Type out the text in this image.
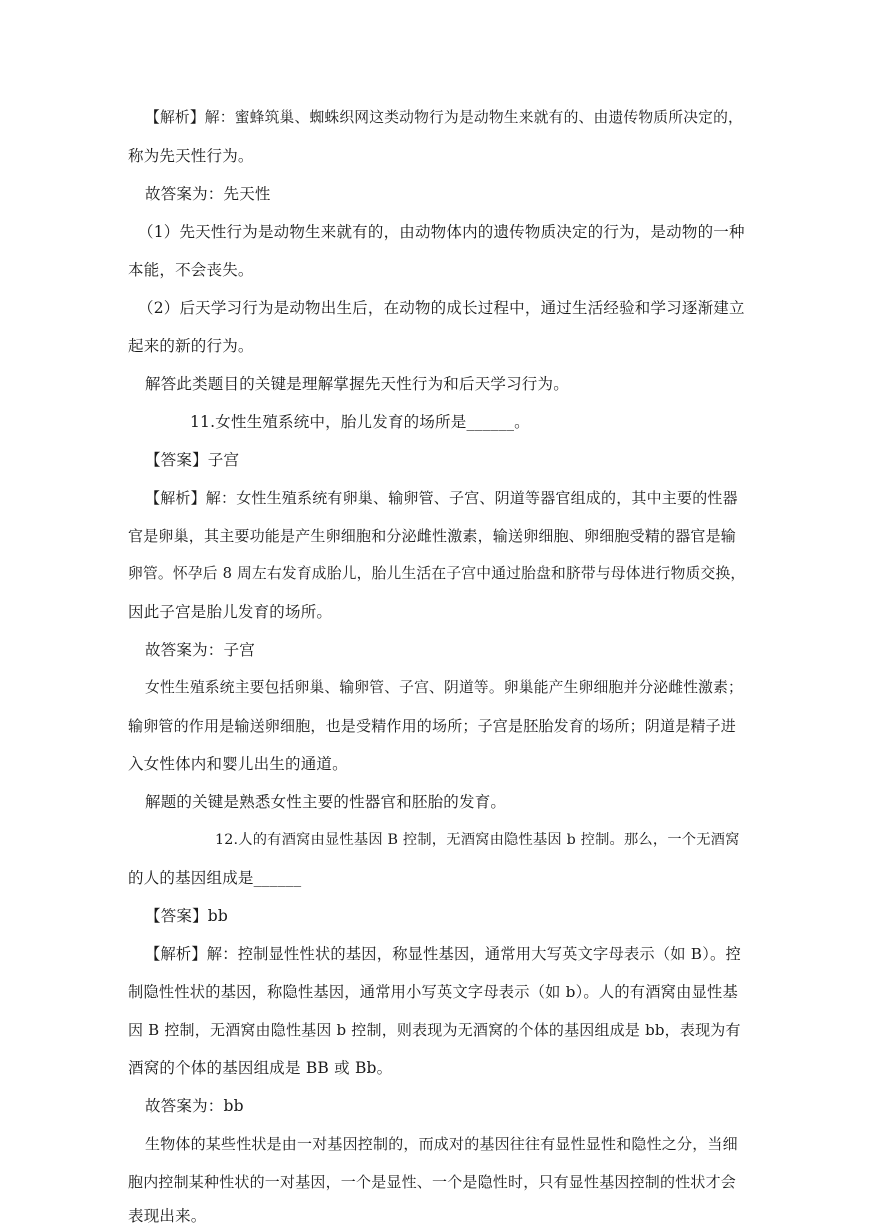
【解析】解：蜜蜂筑巢、蜘蛛织网这类动物行为是动物生来就有的、由遗传物质所决定的，
称为先天性行为。
故答案为：先天性
（1）先天性行为是动物生来就有的，由动物体内的遗传物质决定的行为，是动物的一种
本能，不会丧失。
（2）后天学习行为是动物出生后，在动物的成长过程中，通过生活经验和学习逐渐建立
起来的新的行为。
解答此类题目的关键是理解掌握先天性行为和后天学习行为。
11.女性生殖系统中，胎儿发育的场所是______。
【答案】子宫
【解析】解：女性生殖系统有卵巢、输卵管、子宫、阴道等器官组成的，其中主要的性器
官是卵巢，其主要功能是产生卵细胞和分泌雌性激素，输送卵细胞、卵细胞受精的器官是输
卵管。怀孕后 8 周左右发育成胎儿，胎儿生活在子宫中通过胎盘和脐带与母体进行物质交换，
因此子宫是胎儿发育的场所。
故答案为：子宫
女性生殖系统主要包括卵巢、输卵管、子宫、阴道等。卵巢能产生卵细胞并分泌雌性激素；
输卵管的作用是输送卵细胞，也是受精作用的场所；子宫是胚胎发育的场所；阴道是精子进
入女性体内和婴儿出生的通道。
解题的关键是熟悉女性主要的性器官和胚胎的发育。
12.人的有酒窝由显性基因 B 控制，无酒窝由隐性基因 b 控制。那么，一个无酒窝
的人的基因组成是______
【答案】bb
【解析】解：控制显性性状的基因，称显性基因，通常用大写英文字母表示（如 B）。控
制隐性性状的基因，称隐性基因，通常用小写英文字母表示（如 b）。人的有酒窝由显性基
因 B 控制，无酒窝由隐性基因 b 控制，则表现为无酒窝的个体的基因组成是 bb，表现为有
酒窝的个体的基因组成是 BB 或 Bb。
故答案为：bb
生物体的某些性状是由一对基因控制的，而成对的基因往往有显性显性和隐性之分，当细
胞内控制某种性状的一对基因，一个是显性、一个是隐性时，只有显性基因控制的性状才会
表现出来。
